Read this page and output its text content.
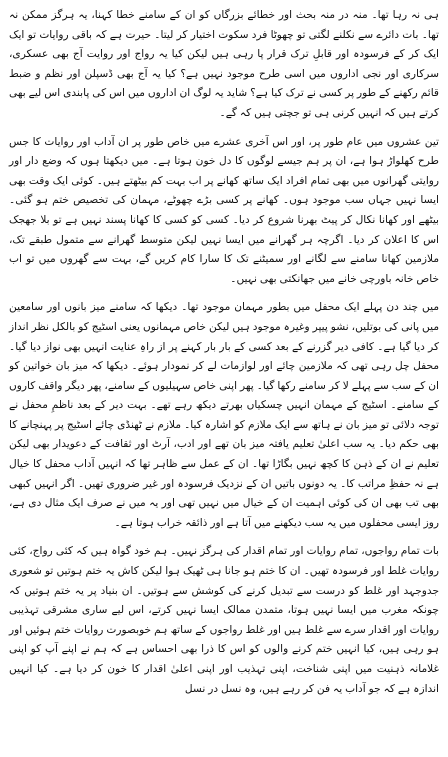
ہی نہ رہا تھا۔ منہ در منہ بحث اور خطائے بزرگاں کو ان کے سامنے خطا کہنا، یہ ہرگز ممکن نہ تھا۔ بات دائرے سے نکلنے لگتی تو چھوٹا فرد سکوت اختیار کر لیتا۔ حیرت ہے کہ باقی روایات تو ایک ایک کر کے فرسودہ اور قابلِ ترک قرار پا رہی ہیں لیکن کیا یہ رواج اور روایت آج بھی عسکری، سرکاری اور نجی اداروں میں اسی طرح موجود نہیں ہے؟ کیا یہ آج بھی ڈسپلن اور نظم و ضبط قائم رکھنے کے طور پر کسی نے ترک کیا ہے؟ شاید یہ لوگ ان اداروں میں اس کی پابندی اس لیے بھی کرتے ہیں کہ انہیں کرنی ہی تو جچتی ہیں کہ گے۔

تین عشروں میں عام طور پر، اور اس آخری عشرے میں خاص طور پر ان آداب اور روایات کا جس طرح کھلواڑ ہوا ہے، ان پر ہم جیسے لوگوں کا دل خون ہوتا ہے۔ میں دیکھتا ہوں کہ وضع دار اور روایتی گھرانوں میں بھی تمام افراد ایک ساتھ کھانے پر اب بہت کم بیٹھتے ہیں۔ کوئی ایک وقت بھی ایسا نہیں جہاں سب موجود ہوں۔ کھانے پر کسی بڑے چھوٹے، مہمان کی تخصیص ختم ہو گئی۔ بیٹھے اور کھانا نکال کر پیٹ بھرنا شروع کر دیا۔ کسی کو کسی کا کھانا پسند نہیں ہے تو بلا جھجک اس کا اعلان کر دیا۔ اگرچہ ہر گھرانے میں ایسا نہیں لیکن متوسط گھرانے سے متمول طبقے تک، ملازمین کھانا سامنے سے لگانے اور سمیٹنے تک کا سارا کام کریں گے، بہت سے گھروں میں تو اب خاص خانہ باورچی خانے میں جھانکتی بھی نہیں۔

میں چند دن پہلے ایک محفل میں بطور مہمان موجود تھا۔ دیکھا کہ سامنے میز بانوں اور سامعین میں پانی کی بوتلیں، نشو پیپر وغیرہ موجود ہیں لیکن خاص مہمانوں یعنی اسٹیج کو بالکل نظر انداز کر دیا گیا ہے۔ کافی دیر گزرنے کے بعد کسی کے بار بار کہنے پر از راہِ عنایت انہیں بھی نواز دیا گیا۔ محفل چل رہی تھی کہ ملازمین چائے اور لوازمات لے کر نمودار ہوئے۔ دیکھا کہ میز بان خواتین کو ان کے سب سے پہلے لا کر سامنے رکھا گیا۔ پھر اپنی خاص سہیلیوں کے سامنے، پھر دیگر واقف کاروں کے سامنے۔ اسٹیج کے مہمان انہیں چسکیاں بھرتے دیکھ رہے تھے۔ بہت دیر کے بعد ناظمِ محفل نے توجہ دلائی تو میز بان نے ہاتھ سے ایک ملازم کو اشارہ کیا۔ ملازم نے ٹھنڈی چائے اسٹیج پر پہنچانے کا بھی حکم دیا۔ یہ سب اعلیٰ تعلیم یافتہ میز بان تھے اور ادب، آرٹ اور ثقافت کے دعویدار بھی لیکن تعلیم نے ان کے ذہن کا کچھ نہیں بگاڑا تھا۔ ان کے عمل سے ظاہر تھا کہ انہیں آداب محفل کا خیال ہے نہ حفظِ مراتب کا۔ یہ دونوں باتیں ان کے نزدیک فرسودہ اور غیر ضروری تھیں۔ اگر انہیں کبھی بھی تب بھی ان کی کوئی اہمیت ان کے خیال میں نہیں تھی اور یہ میں نے صرف ایک مثال دی ہے، روز ایسی محفلوں میں یہ سب دیکھنے میں آتا ہے اور ذائقہ خراب ہوتا ہے۔

بات تمام رواجوں، تمام روایات اور تمام اقدار کی ہرگز نہیں۔ ہم خود گواہ ہیں کہ کئی رواج، کئی روایات غلط اور فرسودہ تھیں۔ ان کا ختم ہو جانا ہی ٹھیک ہوا لیکن کاش یہ ختم ہوتیں تو شعوری جدوجہد اور غلط کو درست سے تبدیل کرنے کی کوشش سے ہوتیں۔ ان بنیاد پر یہ ختم ہوتیں کہ چونکہ مغرب میں ایسا نہیں ہوتا، متمدن ممالک ایسا نہیں کرتے، اس لیے ساری مشرقی تہذیبی روایات اور اقدار سرے سے غلط ہیں اور غلط رواجوں کے ساتھ ہم خوبصورت روایات ختم ہوئیں اور ہو رہی ہیں، کیا انہیں ختم کرنے والوں کو اس کا ذرا بھی احساس ہے کہ ہم نے اپنے آپ کو اپنی غلامانہ ذہنیت میں اپنی شناخت، اپنی تہذیب اور اپنی اعلیٰ اقدار کا خون کر دیا ہے۔ کیا انہیں اندازہ ہے کہ جو آداب یہ فن کر رہے ہیں، وہ نسل در نسل
